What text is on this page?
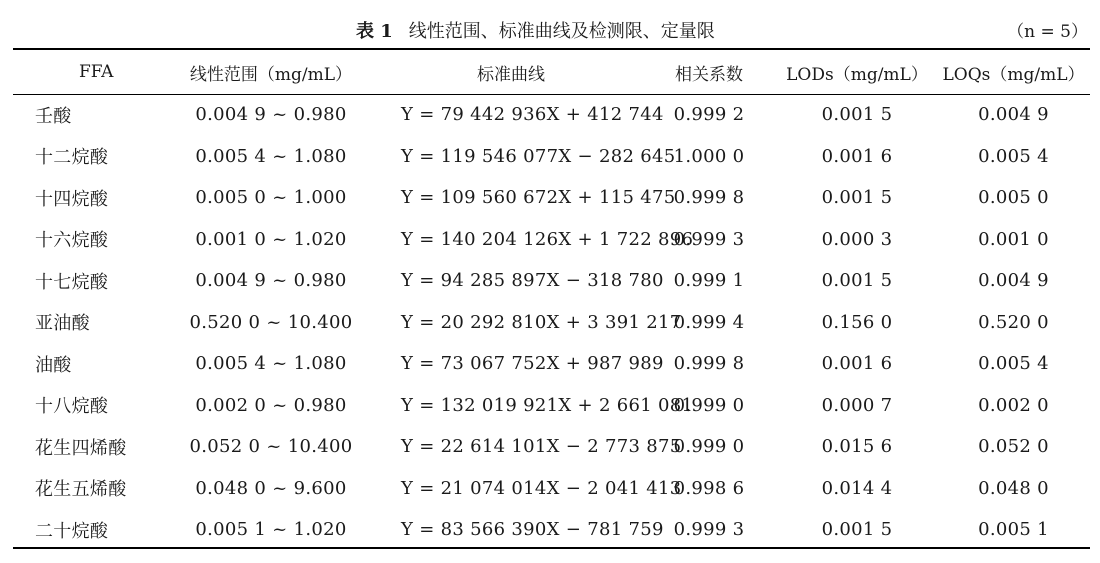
表 1 线性范围、标准曲线及检测限、定量限	（n = 5）
FFA	线性范围（mg/mL）	标准曲线	相关系数	LODs（mg/mL）	LOQs（mg/mL）
壬酸	0.004 9 ~ 0.980	Y = 79 442 936X + 412 744	0.999 2	0.001 5	0.004 9
十二烷酸	0.005 4 ~ 1.080	Y = 119 546 077X − 282 645	1.000 0	0.001 6	0.005 4
十四烷酸	0.005 0 ~ 1.000	Y = 109 560 672X + 115 475	0.999 8	0.001 5	0.005 0
十六烷酸	0.001 0 ~ 1.020	Y = 140 204 126X + 1 722 896	0.999 3	0.000 3	0.001 0
十七烷酸	0.004 9 ~ 0.980	Y = 94 285 897X − 318 780	0.999 1	0.001 5	0.004 9
亚油酸	0.520 0 ~ 10.400	Y = 20 292 810X + 3 391 217	0.999 4	0.156 0	0.520 0
油酸	0.005 4 ~ 1.080	Y = 73 067 752X + 987 989	0.999 8	0.001 6	0.005 4
十八烷酸	0.002 0 ~ 0.980	Y = 132 019 921X + 2 661 081	0.999 0	0.000 7	0.002 0
花生四烯酸	0.052 0 ~ 10.400	Y = 22 614 101X − 2 773 875	0.999 0	0.015 6	0.052 0
花生五烯酸	0.048 0 ~ 9.600	Y = 21 074 014X − 2 041 413	0.998 6	0.014 4	0.048 0
二十烷酸	0.005 1 ~ 1.020	Y = 83 566 390X − 781 759	0.999 3	0.001 5	0.005 1
